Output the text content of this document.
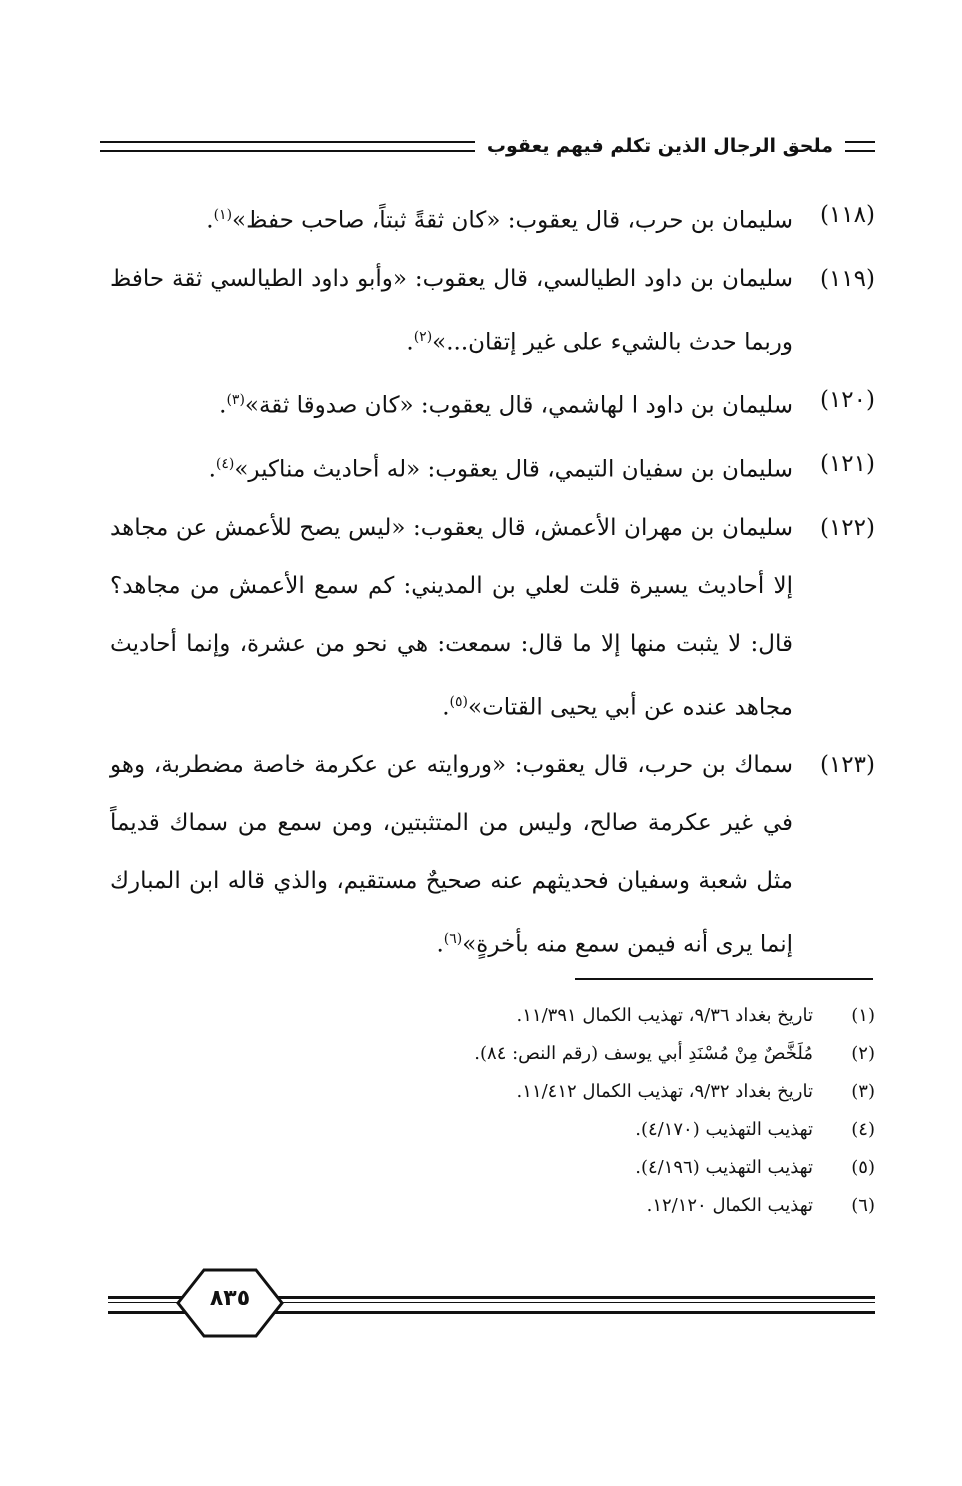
ملحق الرجال الذين تكلم فيهم يعقوب
(١١٨)
سليمان بن حرب، قال يعقوب: «كان ثقةً ثبتاً، صاحب حفظ»$^{(١)}$.
(١١٩)
سليمان بن داود الطيالسي، قال يعقوب: «وأبو داود الطيالسي ثقة حافظ وربما حدث بالشيء على غير إتقان...»$^{(٢)}$.
(١٢٠)
سليمان بن داود ا لهاشمي، قال يعقوب: «كان صدوقا ثقة»$^{(٣)}$.
(١٢١)
سليمان بن سفيان التيمي، قال يعقوب: «له أحاديث مناكير»$^{(٤)}$.
(١٢٢)
سليمان بن مهران الأعمش، قال يعقوب: «ليس يصح للأعمش عن مجاهد إلا أحاديث يسيرة قلت لعلي بن المديني: كم سمع الأعمش من مجاهد؟ قال: لا يثبت منها إلا ما قال: سمعت: هي نحو من عشرة، وإنما أحاديث مجاهد عنده عن أبي يحيى القتات»$^{(٥)}$.
(١٢٣)
سماك بن حرب، قال يعقوب: «وروايته عن عكرمة خاصة مضطربة، وهو في غير عكرمة صالح، وليس من المتثبتين، ومن سمع من سماك قديماً مثل شعبة وسفيان فحديثهم عنه صحيحٌ مستقيم، والذي قاله ابن المبارك إنما يرى أنه فيمن سمع منه بأخرةٍ»$^{(٦)}$.
(١)
تاريخ بغداد ٩/٣٦، تهذيب الكمال ١١/٣٩١.
(٢)
مُلَخَّصٌ مِنْ مُسْنَدِ أبي يوسف (رقم النص: ٨٤).
(٣)
تاريخ بغداد ٩/٣٢، تهذيب الكمال ١١/٤١٢.
(٤)
تهذيب التهذيب (٤/١٧٠).
(٥)
تهذيب التهذيب (٤/١٩٦).
(٦)
تهذيب الكمال ١٢/١٢٠.
٨٣٥
